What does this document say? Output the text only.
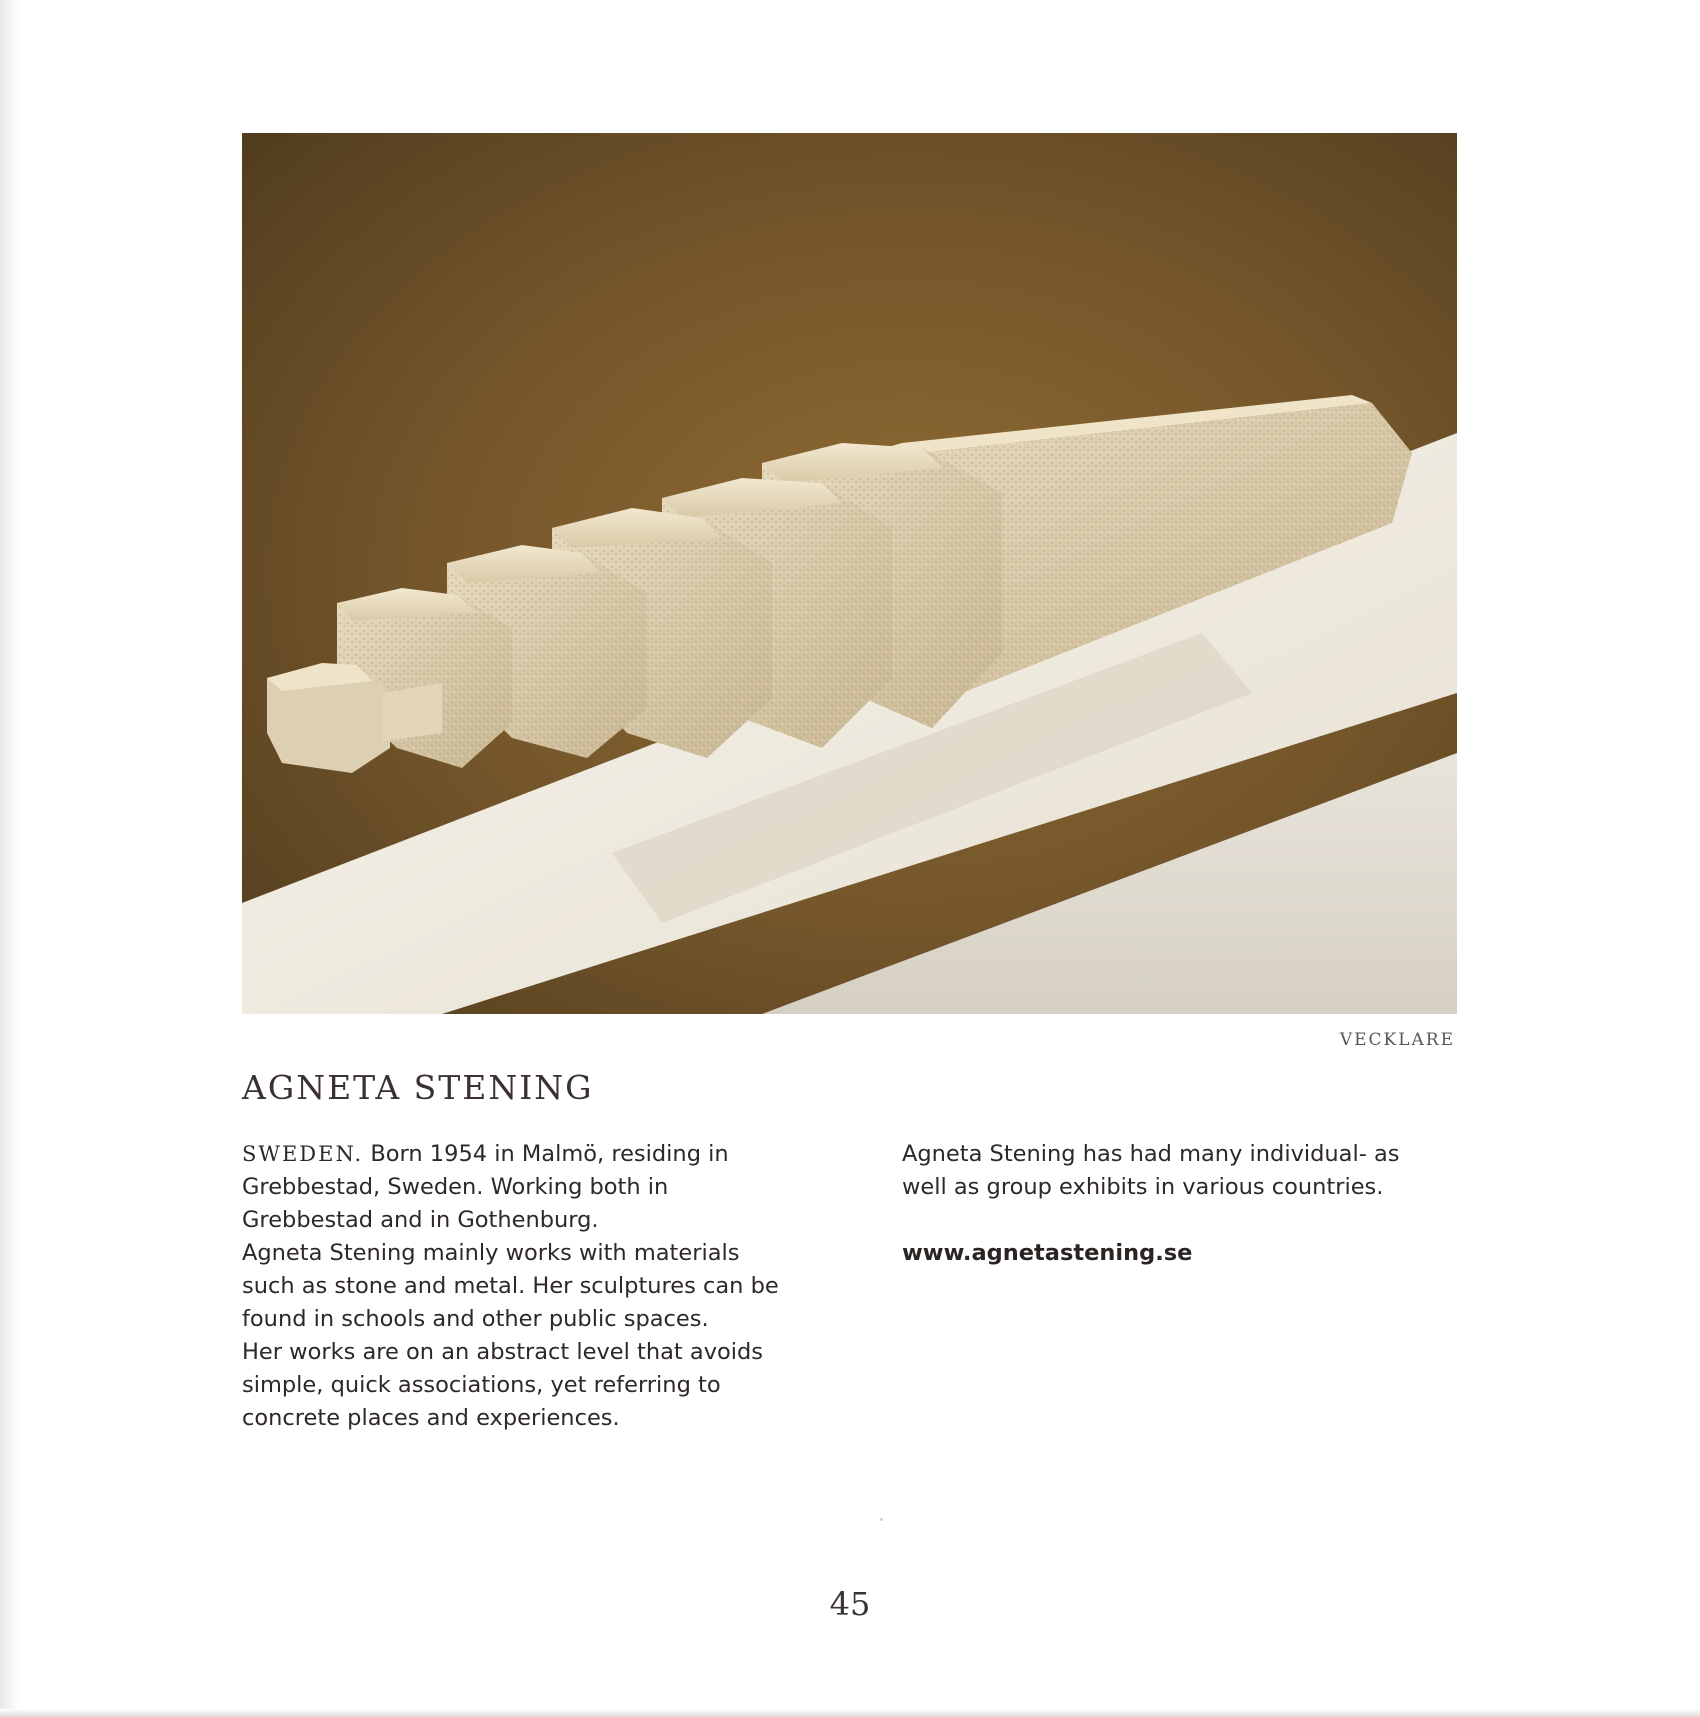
VECKLARE
AGNETA STENING

SWEDEN. Born 1954 in Malmö, residing in Grebbestad, Sweden. Working both in Grebbestad and in Gothenburg.

Agneta Stening mainly works with materials such as stone and metal. Her sculptures can be found in schools and other public spaces.

Her works are on an abstract level that avoids simple, quick associations, yet referring to concrete places and experiences.

Agneta Stening has had many individual- as well as group exhibits in various countries.

www.agnetastening.se

45
